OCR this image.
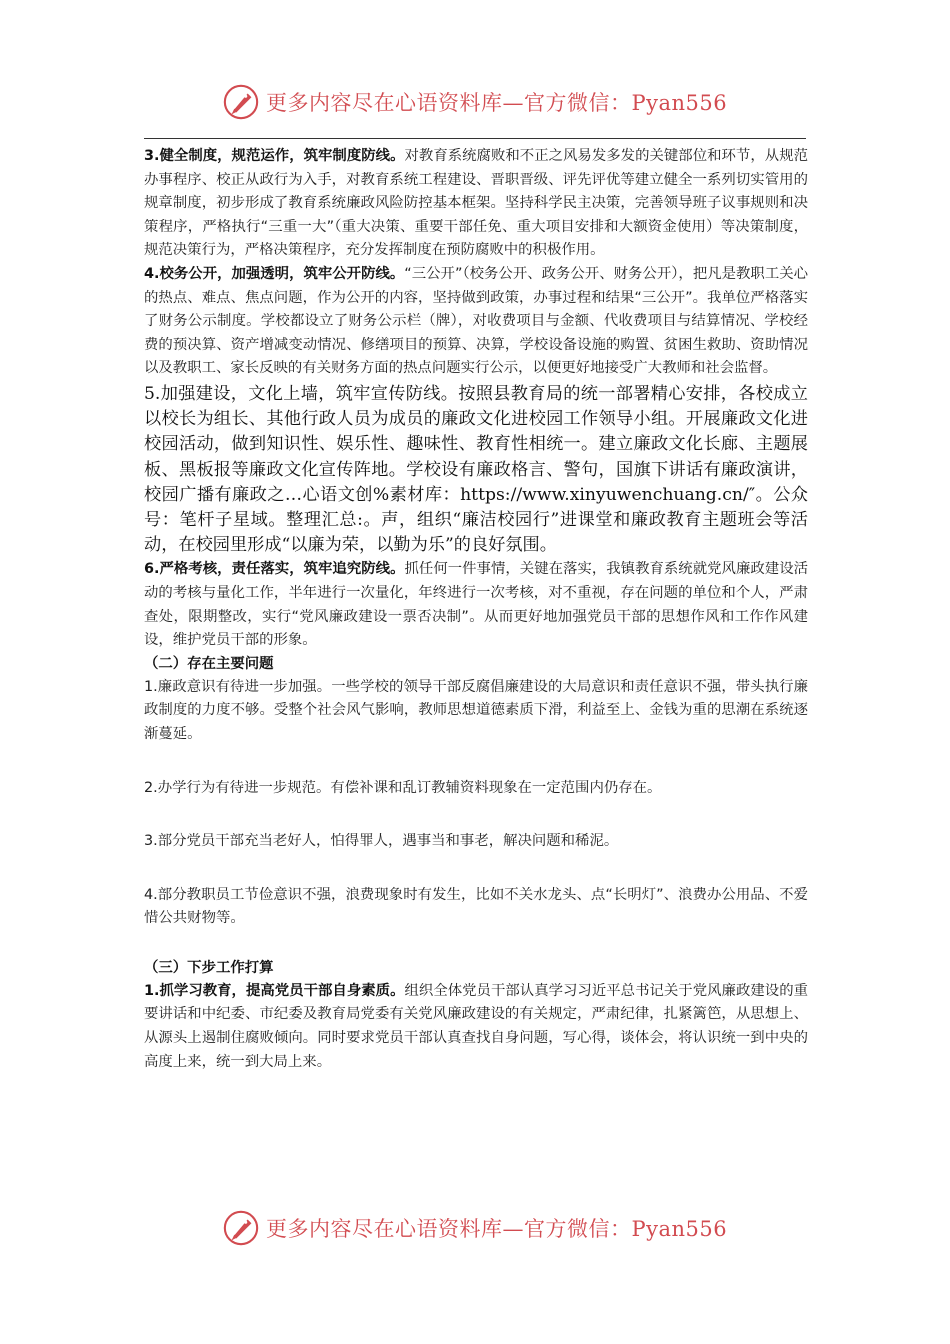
更多内容尽在心语资料库—官方微信：Pyan556

3.健全制度，规范运作，筑牢制度防线。对教育系统腐败和不正之风易发多发的关键部位和环节，从规范办事程序、校正从政行为入手，对教育系统工程建设、晋职晋级、评先评优等建立健全一系列切实管用的规章制度，初步形成了教育系统廉政风险防控基本框架。坚持科学民主决策，完善领导班子议事规则和决策程序，严格执行“三重一大”（重大决策、重要干部任免、重大项目安排和大额资金使用）等决策制度，规范决策行为，严格决策程序，充分发挥制度在预防腐败中的积极作用。

4.校务公开，加强透明，筑牢公开防线。“三公开”（校务公开、政务公开、财务公开），把凡是教职工关心的热点、难点、焦点问题，作为公开的内容，坚持做到政策，办事过程和结果“三公开”。我单位严格落实了财务公示制度。学校都设立了财务公示栏（牌），对收费项目与金额、代收费项目与结算情况、学校经费的预决算、资产增减变动情况、修缮项目的预算、决算，学校设备设施的购置、贫困生救助、资助情况以及教职工、家长反映的有关财务方面的热点问题实行公示，以便更好地接受广大教师和社会监督。

5.加强建设，文化上墙，筑牢宣传防线。按照县教育局的统一部署精心安排，各校成立以校长为组长、其他行政人员为成员的廉政文化进校园工作领导小组。开展廉政文化进校园活动，做到知识性、娱乐性、趣味性、教育性相统一。建立廉政文化长廊、主题展板、黑板报等廉政文化宣传阵地。学校设有廉政格言、警句，国旗下讲话有廉政演讲，校园广播有廉政之…心语文创%素材库：https://www.xinyuwenchuang.cn/″。公众号：笔杆子星域。整理汇总:。声，组织“廉洁校园行”进课堂和廉政教育主题班会等活动，在校园里形成“以廉为荣，以勤为乐”的良好氛围。

6.严格考核，责任落实，筑牢追究防线。抓任何一件事情，关键在落实，我镇教育系统就党风廉政建设活动的考核与量化工作，半年进行一次量化，年终进行一次考核，对不重视，存在问题的单位和个人，严肃查处，限期整改，实行“党风廉政建设一票否决制”。从而更好地加强党员干部的思想作风和工作作风建设，维护党员干部的形象。

（二）存在主要问题

1.廉政意识有待进一步加强。一些学校的领导干部反腐倡廉建设的大局意识和责任意识不强，带头执行廉政制度的力度不够。受整个社会风气影响，教师思想道德素质下滑，利益至上、金钱为重的思潮在系统逐渐蔓延。

2.办学行为有待进一步规范。有偿补课和乱订教辅资料现象在一定范围内仍存在。

3.部分党员干部充当老好人，怕得罪人，遇事当和事老，解决问题和稀泥。

4.部分教职员工节俭意识不强，浪费现象时有发生，比如不关水龙头、点“长明灯”、浪费办公用品、不爱惜公共财物等。

（三）下步工作打算

1.抓学习教育，提高党员干部自身素质。组织全体党员干部认真学习习近平总书记关于党风廉政建设的重要讲话和中纪委、市纪委及教育局党委有关党风廉政建设的有关规定，严肃纪律，扎紧篱笆，从思想上、从源头上遏制住腐败倾向。同时要求党员干部认真查找自身问题，写心得，谈体会，将认识统一到中央的高度上来，统一到大局上来。

更多内容尽在心语资料库—官方微信：Pyan556
